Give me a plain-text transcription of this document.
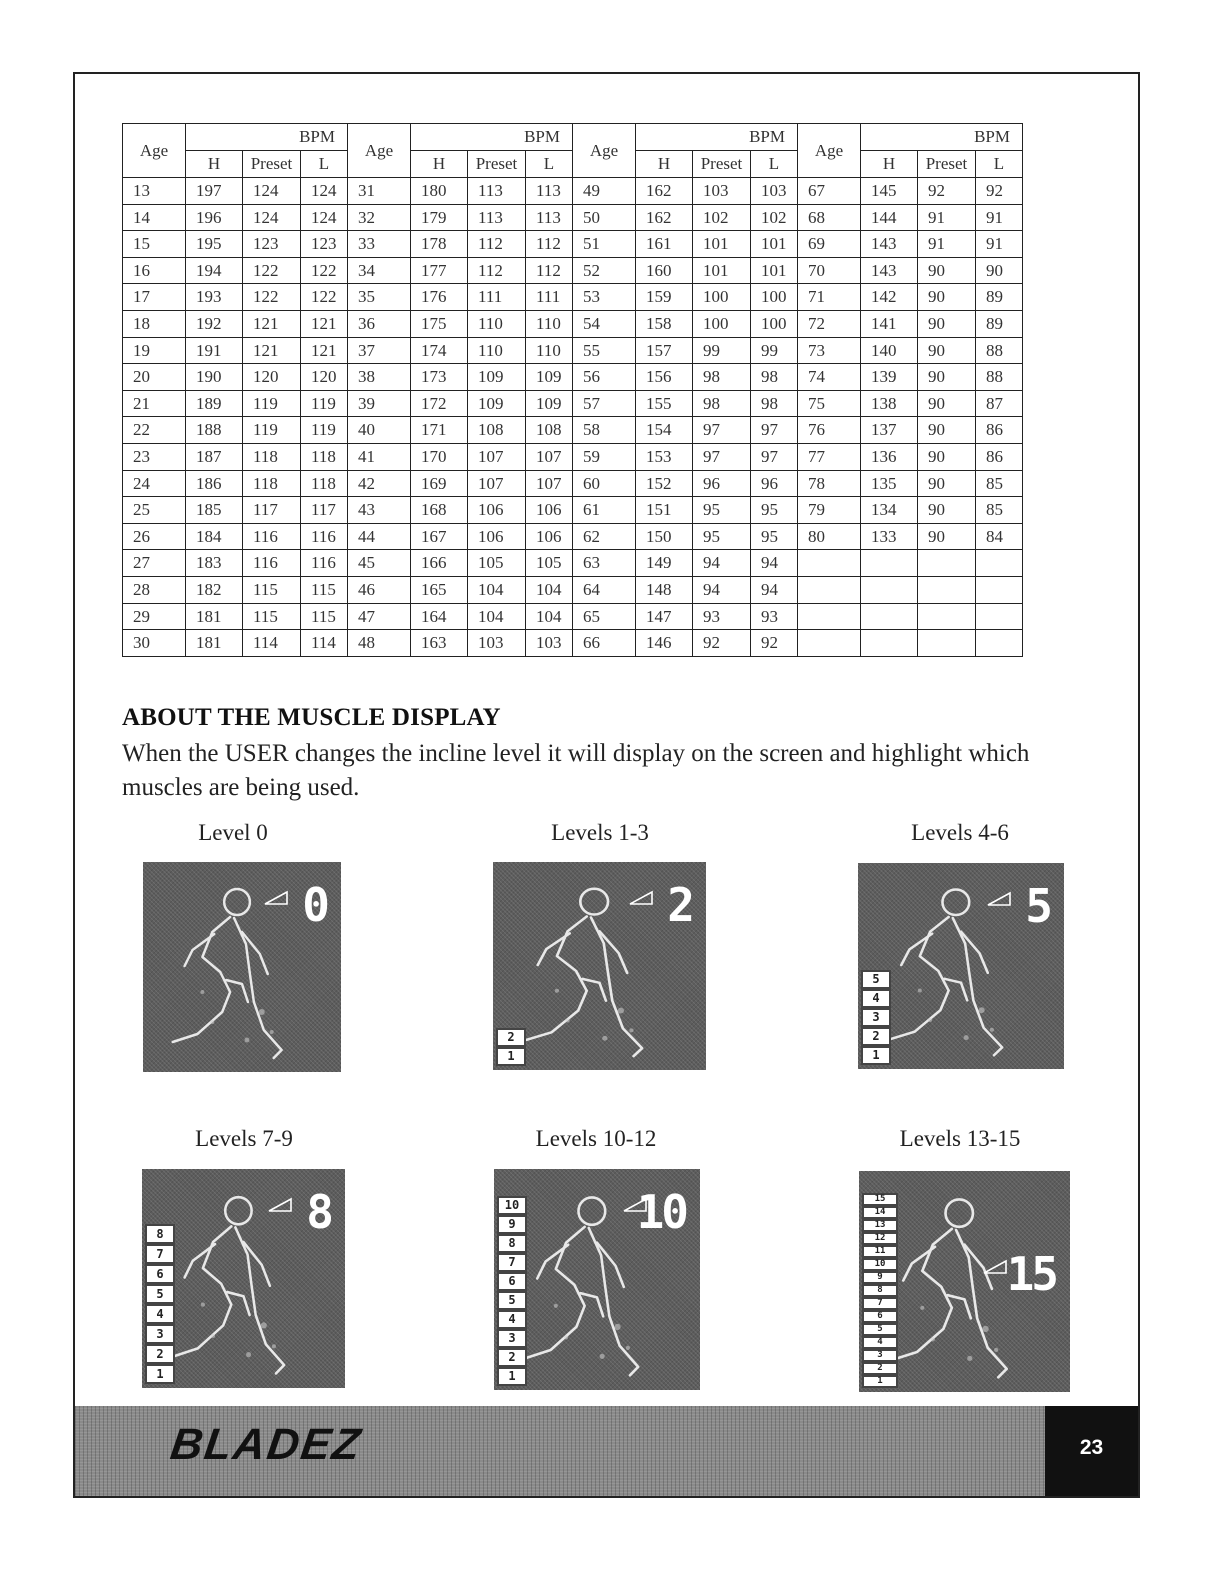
Age	BPM			Age	BPM			Age	BPM			Age	BPM		
	H	Preset	L		H	Preset	L		H	Preset	L		H	Preset	L
13	197	124	124	31	180	113	113	49	162	103	103	67	145	92	92
14	196	124	124	32	179	113	113	50	162	102	102	68	144	91	91
15	195	123	123	33	178	112	112	51	161	101	101	69	143	91	91
16	194	122	122	34	177	112	112	52	160	101	101	70	143	90	90
17	193	122	122	35	176	111	111	53	159	100	100	71	142	90	89
18	192	121	121	36	175	110	110	54	158	100	100	72	141	90	89
19	191	121	121	37	174	110	110	55	157	99	99	73	140	90	88
20	190	120	120	38	173	109	109	56	156	98	98	74	139	90	88
21	189	119	119	39	172	109	109	57	155	98	98	75	138	90	87
22	188	119	119	40	171	108	108	58	154	97	97	76	137	90	86
23	187	118	118	41	170	107	107	59	153	97	97	77	136	90	86
24	186	118	118	42	169	107	107	60	152	96	96	78	135	90	85
25	185	117	117	43	168	106	106	61	151	95	95	79	134	90	85
26	184	116	116	44	167	106	106	62	150	95	95	80	133	90	84
27	183	116	116	45	166	105	105	63	149	94	94				
28	182	115	115	46	165	104	104	64	148	94	94				
29	181	115	115	47	164	104	104	65	147	93	93				
30	181	114	114	48	163	103	103	66	146	92	92				
ABOUT THE MUSCLE DISPLAY

When the USER changes the incline level it will display on the screen and highlight which muscles are being used.

Level 0
0
Levels 1-3
2
1
2
Levels 4-6
5
1
2
3
4
5
Levels 7-9
8
1
2
3
4
5
6
7
8
Levels 10-12
10
1
2
3
4
5
6
7
8
9
10
Levels 13-15
15
1
2
3
4
5
6
7
8
9
10
11
12
13
14
15
BLADEZ	23
